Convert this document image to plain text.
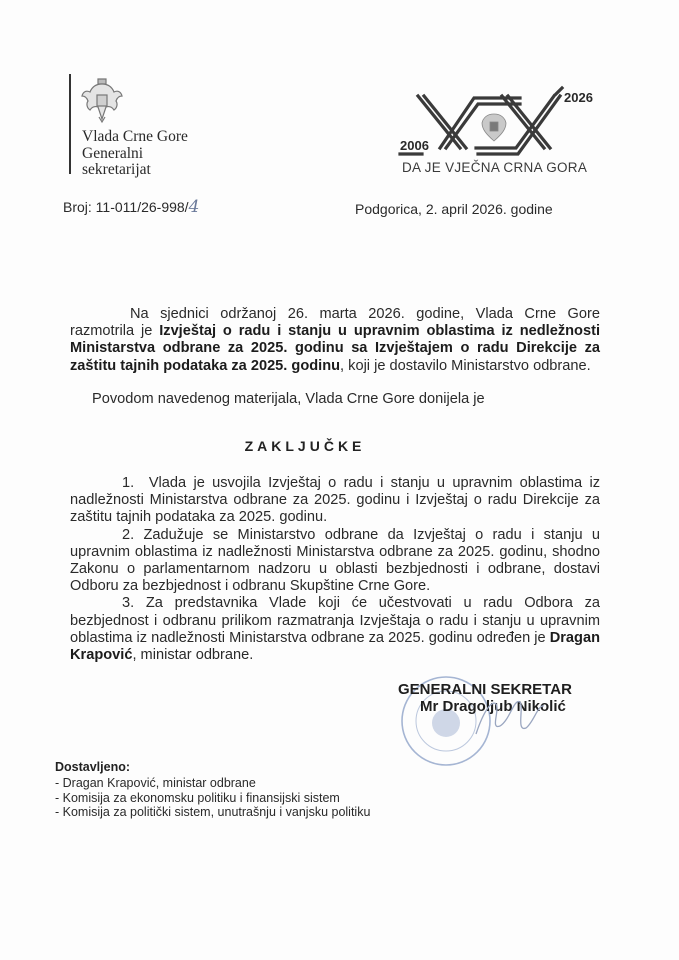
Vlada Crne Gore
Generalni
sekretarijat
2006
2026
DA JE VJEČNA CRNA GORA
Broj: 11-011/26-998/4	Podgorica, 2. april 2026. godine
Na sjednici održanoj 26. marta 2026. godine, Vlada Crne Gore razmotrila je Izvještaj o radu i stanju u upravnim oblastima iz nedležnosti Ministarstva odbrane za 2025. godinu sa Izvještajem o radu Direkcije za zaštitu tajnih podataka za 2025. godinu, koji je dostavilo Ministarstvo odbrane.
Povodom navedenog materijala, Vlada Crne Gore donijela je
ZAKLJUČKE

1. Vlada je usvojila Izvještaj o radu i stanju u upravnim oblastima iz nadležnosti Ministarstva odbrane za 2025. godinu i Izvještaj o radu Direkcije za zaštitu tajnih podataka za 2025. godinu.

2. Zadužuje se Ministarstvo odbrane da Izvještaj o radu i stanju u upravnim oblastima iz nadležnosti Ministarstva odbrane za 2025. godinu, shodno Zakonu o parlamentarnom nadzoru u oblasti bezbjednosti i odbrane, dostavi Odboru za bezbjednost i odbranu Skupštine Crne Gore.

3. Za predstavnika Vlade koji će učestvovati u radu Odbora za bezbjednost i odbranu prilikom razmatranja Izvještaja o radu i stanju u upravnim oblastima iz nadležnosti Ministarstva odbrane za 2025. godinu određen je Dragan Krapović, ministar odbrane.

GENERALNI SEKRETAR
Mr Dragoljub Nikolić
Dostavljeno:
- Dragan Krapović, ministar odbrane
- Komisija za ekonomsku politiku i finansijski sistem
- Komisija za politički sistem, unutrašnju i vanjsku politiku
